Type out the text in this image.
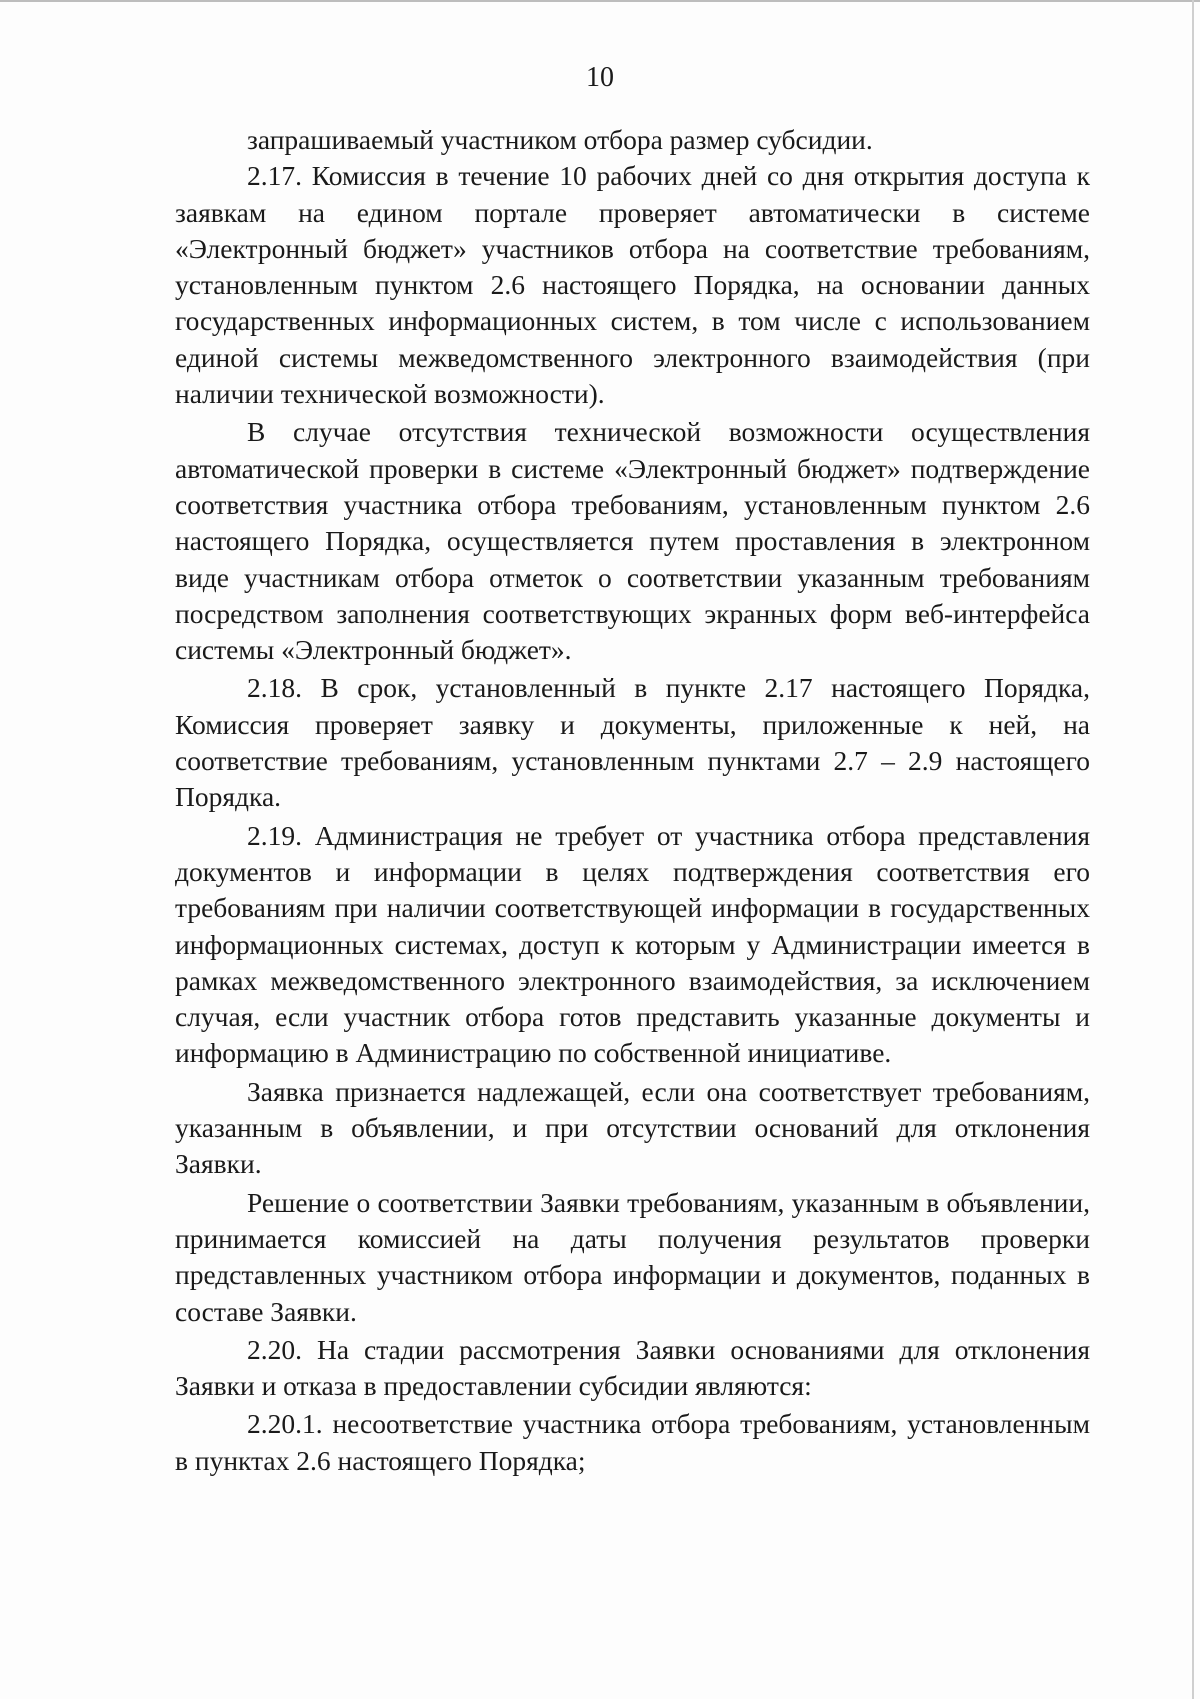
10

запрашиваемый участником отбора размер субсидии.

2.17. Комиссия в течение 10 рабочих дней со дня открытия доступа к заявкам на едином портале проверяет автоматически в системе «Электронный бюджет» участников отбора на соответствие требованиям, установленным пунктом 2.6 настоящего Порядка, на основании данных государственных информационных систем, в том числе с использованием единой системы межведомственного электронного взаимодействия (при наличии технической возможности).

В случае отсутствия технической возможности осуществления автоматической проверки в системе «Электронный бюджет» подтверждение соответствия участника отбора требованиям, установленным пунктом 2.6 настоящего Порядка, осуществляется путем проставления в электронном виде участникам отбора отметок о соответствии указанным требованиям посредством заполнения соответствующих экранных форм веб-интерфейса системы «Электронный бюджет».

2.18. В срок, установленный в пункте 2.17 настоящего Порядка, Комиссия проверяет заявку и документы, приложенные к ней, на соответствие требованиям, установленным пунктами 2.7 – 2.9 настоящего Порядка.

2.19. Администрация не требует от участника отбора представления документов и информации в целях подтверждения соответствия его требованиям при наличии соответствующей информации в государственных информационных системах, доступ к которым у Администрации имеется в рамках межведомственного электронного взаимодействия, за исключением случая, если участник отбора готов представить указанные документы и информацию в Администрацию по собственной инициативе.

Заявка признается надлежащей, если она соответствует требованиям, указанным в объявлении, и при отсутствии оснований для отклонения Заявки.

Решение о соответствии Заявки требованиям, указанным в объявлении, принимается комиссией на даты получения результатов проверки представленных участником отбора информации и документов, поданных в составе Заявки.

2.20. На стадии рассмотрения Заявки основаниями для отклонения Заявки и отказа в предоставлении субсидии являются:

2.20.1. несоответствие участника отбора требованиям, установленным в пунктах 2.6 настоящего Порядка;
